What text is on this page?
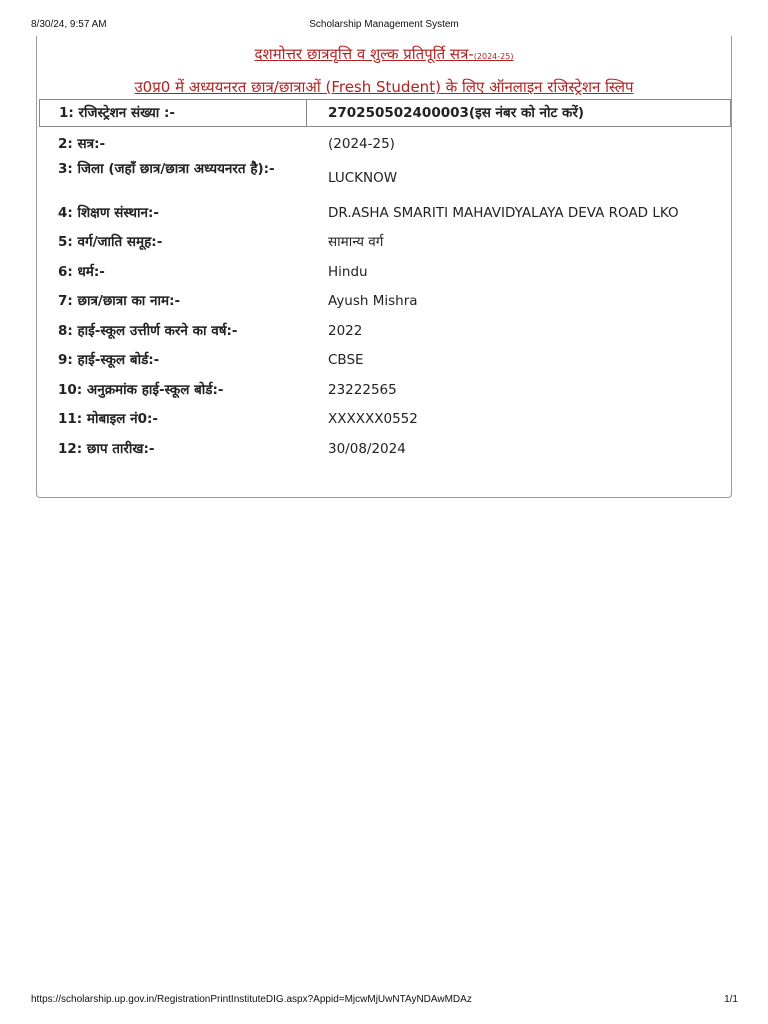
8/30/24, 9:57 AM	Scholarship Management System
दशमोत्तर छात्रवृत्ति व शुल्क प्रतिपूर्ति सत्र-(2024-25)
उ0प्र0 में अध्ययनरत छात्र/छात्राओं (Fresh Student) के लिए ऑनलाइन रजिस्ट्रेशन स्लिप
1: रजिस्ट्रेशन संख्या :-	270250502400003(इस नंबर को नोट करें)
2: सत्र:-	(2024-25)
3: जिला (जहाँ छात्र/छात्रा अध्ययनरत है):-
LUCKNOW
4: शिक्षण संस्थान:-	DR.ASHA SMARITI MAHAVIDYALAYA DEVA ROAD LKO
5: वर्ग/जाति समूह:-	सामान्य वर्ग
6: धर्म:-	Hindu
7: छात्र/छात्रा का नाम:-	Ayush Mishra
8: हाई-स्कूल उत्तीर्ण करने का वर्ष:-	2022
9: हाई-स्कूल बोर्ड:-	CBSE
10: अनुक्रमांक हाई-स्कूल बोर्ड:-	23222565
11: मोबाइल नं0:-	XXXXXX0552
12: छाप तारीख:-	30/08/2024
https://scholarship.up.gov.in/RegistrationPrintInstituteDIG.aspx?Appid=MjcwMjUwNTAyNDAwMDAz	1/1
